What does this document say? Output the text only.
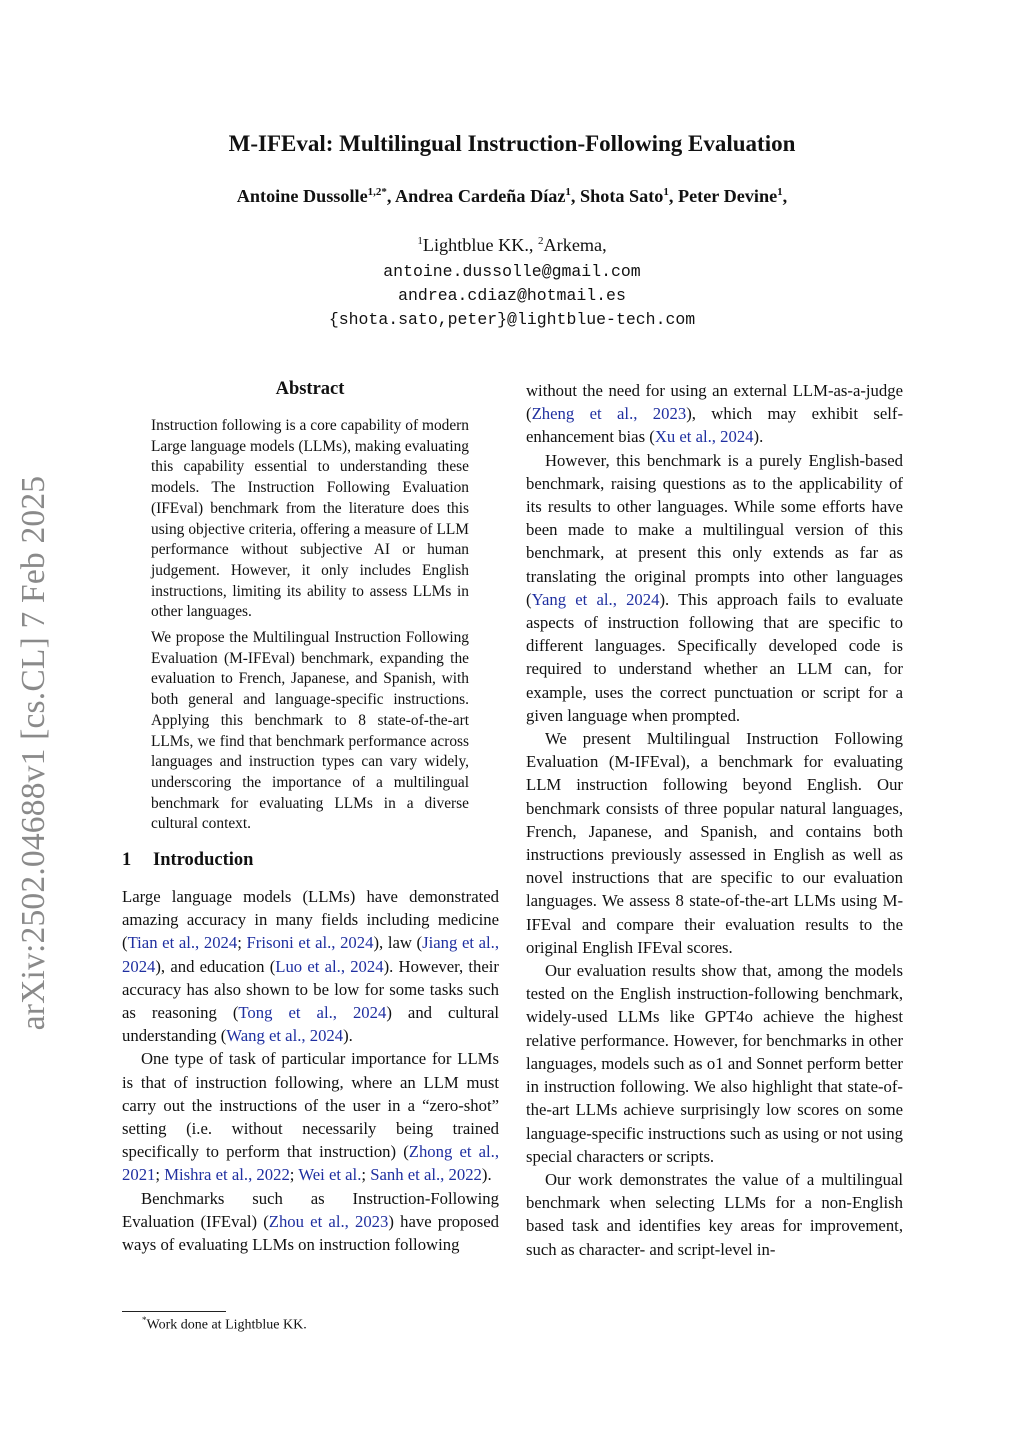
arXiv:2502.04688v1 [cs.CL] 7 Feb 2025
M-IFEval: Multilingual Instruction-Following Evaluation
Antoine Dussolle$^{1,2*}$, Andrea Cardeña Díaz$^1$, Shota Sato$^1$, Peter Devine$^1$,
$^1$Lightblue KK., $^2$Arkema,
antoine.dussolle@gmail.com
andrea.cdiaz@hotmail.es
{shota.sato,peter}@lightblue-tech.com
Abstract
Instruction following is a core capability of modern Large language models (LLMs), making evaluating this capability essential to understanding these models. The Instruction Following Evaluation (IFEval) benchmark from the literature does this using objective criteria, offering a measure of LLM performance without subjective AI or human judgement. However, it only includes English instructions, limiting its ability to assess LLMs in other languages.
We propose the Multilingual Instruction Following Evaluation (M-IFEval) benchmark, expanding the evaluation to French, Japanese, and Spanish, with both general and language-specific instructions. Applying this benchmark to 8 state-of-the-art LLMs, we find that benchmark performance across languages and instruction types can vary widely, underscoring the importance of a multilingual benchmark for evaluating LLMs in a diverse cultural context.
1 Introduction

Large language models (LLMs) have demonstrated amazing accuracy in many fields including medicine (Tian et al., 2024; Frisoni et al., 2024), law (Jiang et al., 2024), and education (Luo et al., 2024). However, their accuracy has also shown to be low for some tasks such as reasoning (Tong et al., 2024) and cultural understanding (Wang et al., 2024).

One type of task of particular importance for LLMs is that of instruction following, where an LLM must carry out the instructions of the user in a “zero-shot” setting (i.e. without necessarily being trained specifically to perform that instruction) (Zhong et al., 2021; Mishra et al., 2022; Wei et al.; Sanh et al., 2022).

Benchmarks such as Instruction-Following Evaluation (IFEval) (Zhou et al., 2023) have proposed ways of evaluating LLMs on instruction following

without the need for using an external LLM-as-a-judge (Zheng et al., 2023), which may exhibit self-enhancement bias (Xu et al., 2024).

However, this benchmark is a purely English-based benchmark, raising questions as to the applicability of its results to other languages. While some efforts have been made to make a multilingual version of this benchmark, at present this only extends as far as translating the original prompts into other languages (Yang et al., 2024). This approach fails to evaluate aspects of instruction following that are specific to different languages. Specifically developed code is required to understand whether an LLM can, for example, uses the correct punctuation or script for a given language when prompted.

We present Multilingual Instruction Following Evaluation (M-IFEval), a benchmark for evaluating LLM instruction following beyond English. Our benchmark consists of three popular natural languages, French, Japanese, and Spanish, and contains both instructions previously assessed in English as well as novel instructions that are specific to our evaluation languages. We assess 8 state-of-the-art LLMs using M-IFEval and compare their evaluation results to the original English IFEval scores.

Our evaluation results show that, among the models tested on the English instruction-following benchmark, widely-used LLMs like GPT4o achieve the highest relative performance. However, for benchmarks in other languages, models such as o1 and Sonnet perform better in instruction following. We also highlight that state-of-the-art LLMs achieve surprisingly low scores on some language-specific instructions such as using or not using special characters or scripts.

Our work demonstrates the value of a multilingual benchmark when selecting LLMs for a non-English based task and identifies key areas for improvement, such as character- and script-level in-

*Work done at Lightblue KK.
